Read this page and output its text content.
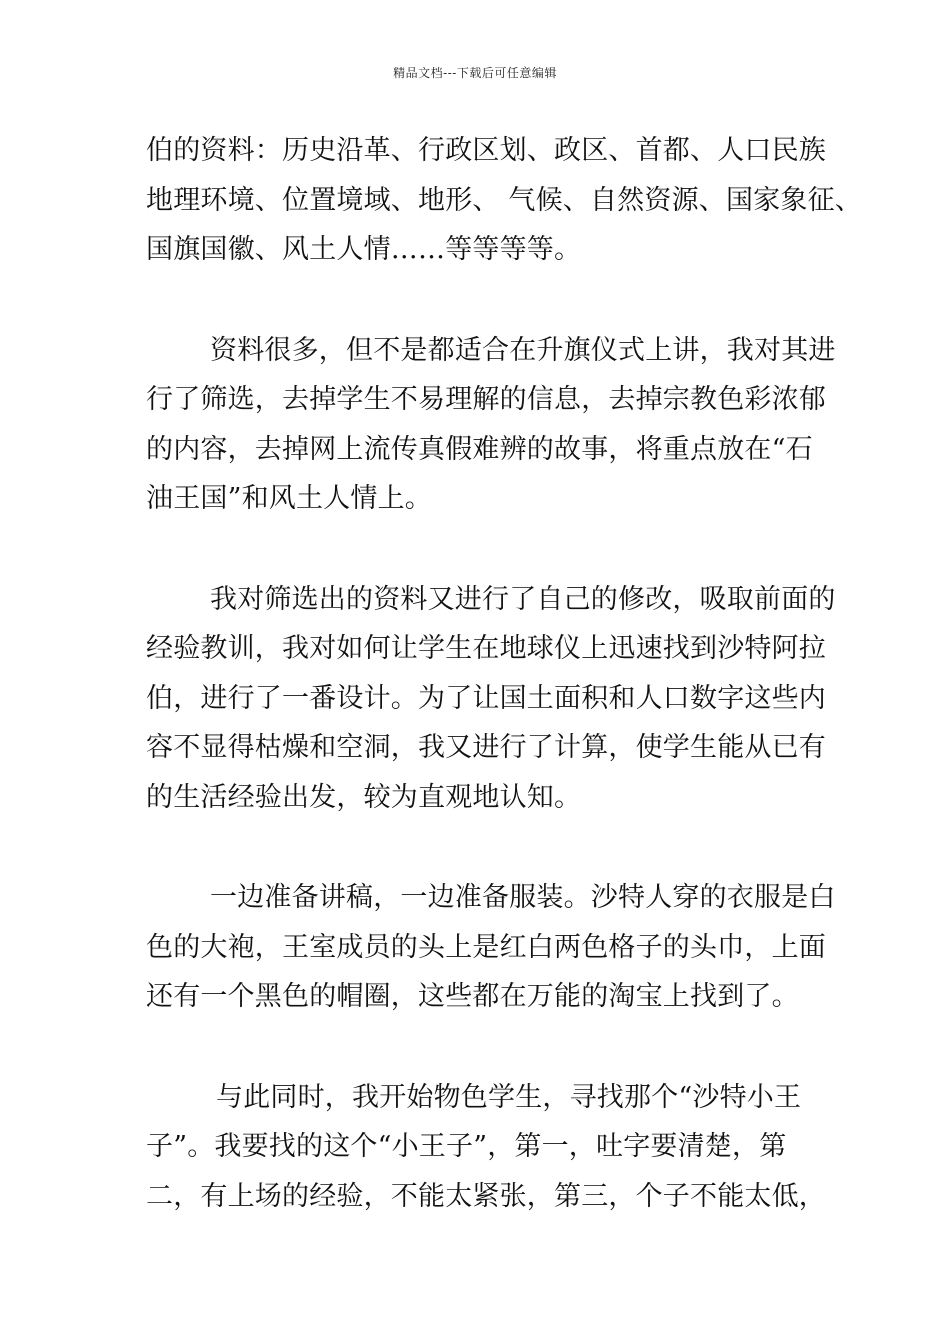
精品文档---下载后可任意编辑
伯的资料：历史沿革、行政区划、政区、首都、人口民族
地理环境、位置境域、地形、 气候、自然资源、国家象征、
国旗国徽、风土人情……等等等等。
资料很多，但不是都适合在升旗仪式上讲，我对其进
行了筛选，去掉学生不易理解的信息，去掉宗教色彩浓郁
的内容，去掉网上流传真假难辨的故事，将重点放在“石
油王国”和风土人情上。
我对筛选出的资料又进行了自己的修改，吸取前面的
经验教训，我对如何让学生在地球仪上迅速找到沙特阿拉
伯，进行了一番设计。为了让国土面积和人口数字这些内
容不显得枯燥和空洞，我又进行了计算，使学生能从已有
的生活经验出发，较为直观地认知。
一边准备讲稿，一边准备服装。沙特人穿的衣服是白
色的大袍，王室成员的头上是红白两色格子的头巾，上面
还有一个黑色的帽圈，这些都在万能的淘宝上找到了。
与此同时，我开始物色学生，寻找那个“沙特小王
子”。我要找的这个“小王子”，第一，吐字要清楚，第
二，有上场的经验，不能太紧张，第三，个子不能太低，
